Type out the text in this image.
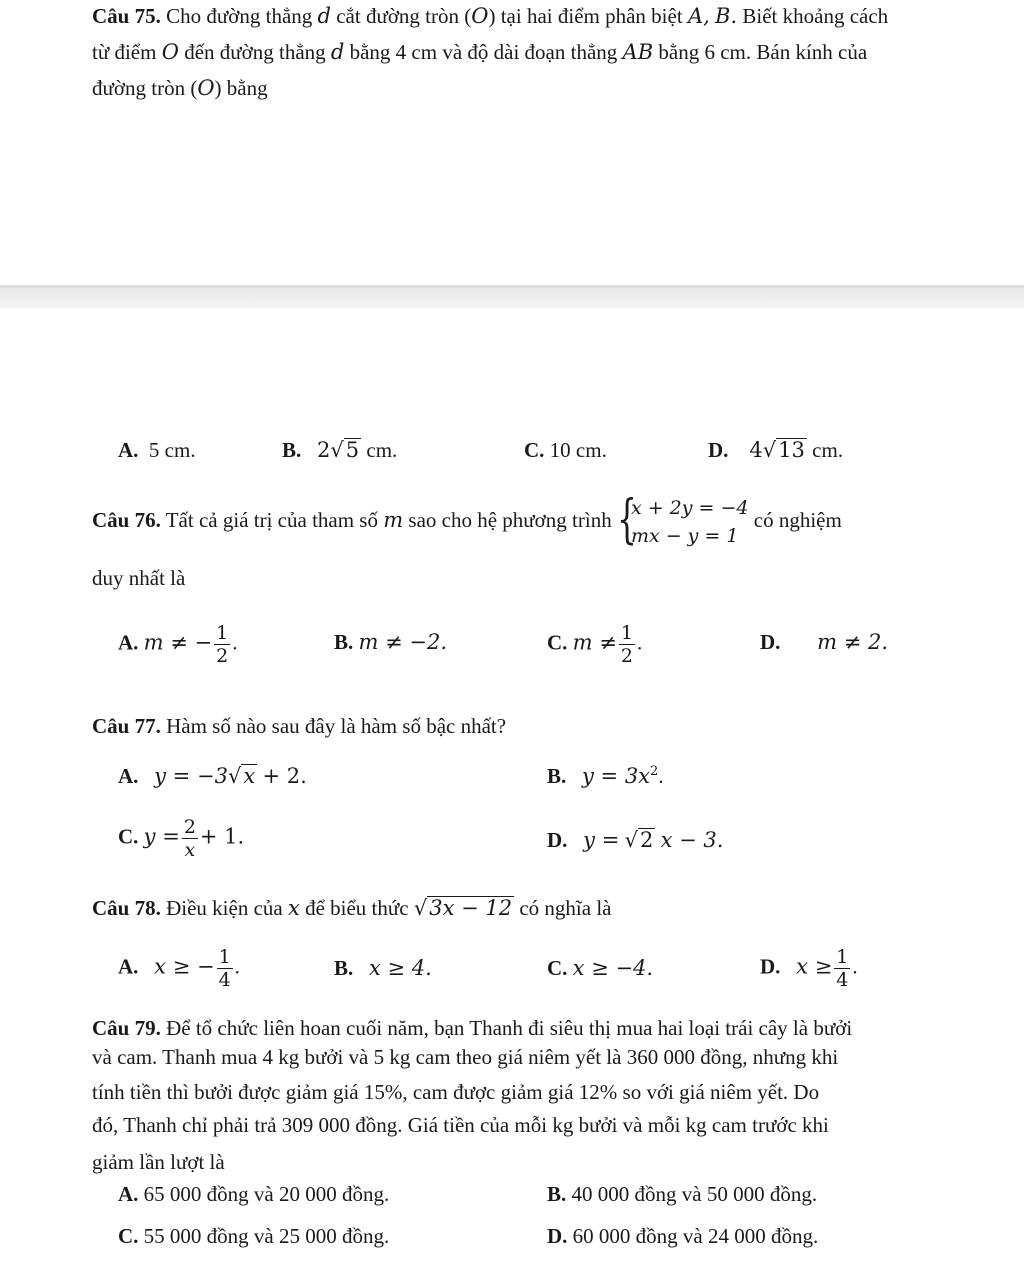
Câu 75. Cho đường thẳng d cắt đường tròn (O) tại hai điểm phân biệt A, B. Biết khoảng cách từ điểm O đến đường thẳng d bằng 4 cm và độ dài đoạn thẳng AB bằng 6 cm. Bán kính của đường tròn (O) bằng
A. 5 cm.	B. 2√5 cm.	C. 10 cm.	D. 4√13 cm.
Câu 76. Tất cả giá trị của tham số m sao cho hệ phương trình {
x + 2y = −4
mx − y = 1
có nghiệm
duy nhất là
A. m ≠ − $\frac{1}{2}$ .	B. m ≠ −2.	C. $m \ne \frac{1}{2}$ .	D. m ≠ 2.
Câu 77. Hàm số nào sau đây là hàm số bậc nhất?
A. y = −3√x + 2.	B. $y = 3x^2$.
C. $y = \frac{2}{x} + 1$.	D. y = √2 x − 3.
Câu 78. Điều kiện của x để biểu thức √3x − 12 có nghĩa là
A. x ≥ − $\frac{1}{4}$ .	B. x ≥ 4.	C. x ≥ −4.	D. $x \ge \frac{1}{4}$ .
Câu 79. Để tổ chức liên hoan cuối năm, bạn Thanh đi siêu thị mua hai loại trái cây là bưởi
và cam. Thanh mua 4 kg bưởi và 5 kg cam theo giá niêm yết là 360 000 đồng, nhưng khi
tính tiền thì bưởi được giảm giá 15%, cam được giảm giá 12% so với giá niêm yết. Do
đó, Thanh chỉ phải trả 309 000 đồng. Giá tiền của mỗi kg bưởi và mỗi kg cam trước khi
giảm lần lượt là
A. 65 000 đồng và 20 000 đồng.	B. 40 000 đồng và 50 000 đồng.
C. 55 000 đồng và 25 000 đồng.	D. 60 000 đồng và 24 000 đồng.
